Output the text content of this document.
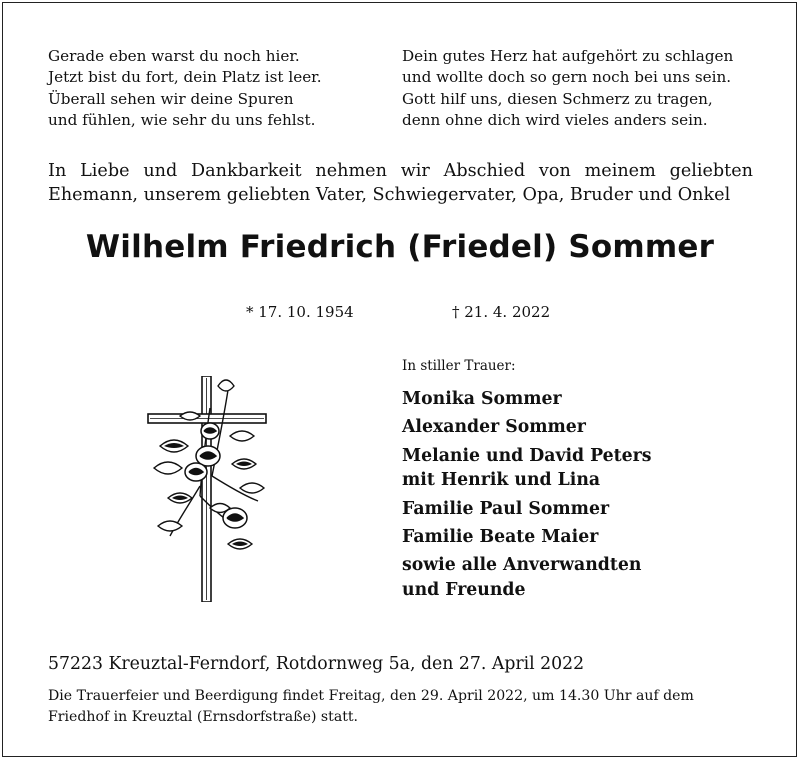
Gerade eben warst du noch hier.
Jetzt bist du fort, dein Platz ist leer.
Überall sehen wir deine Spuren
und fühlen, wie sehr du uns fehlst.
Dein gutes Herz hat aufgehört zu schlagen
und wollte doch so gern noch bei uns sein.
Gott hilf uns, diesen Schmerz zu tragen,
denn ohne dich wird vieles anders sein.
In Liebe und Dankbarkeit nehmen wir Abschied von meinem geliebten
Ehemann, unserem geliebten Vater, Schwiegervater, Opa, Bruder und Onkel
Wilhelm Friedrich (Friedel) Sommer
* 17. 10. 1954	† 21. 4. 2022
In stiller Trauer:
Monika Sommer
Alexander Sommer
Melanie und David Peters
mit Henrik und Lina
Familie Paul Sommer
Familie Beate Maier
sowie alle Anverwandten
und Freunde
57223 Kreuztal-Ferndorf, Rotdornweg 5a, den 27. April 2022
Die Trauerfeier und Beerdigung findet Freitag, den 29. April 2022, um 14.30 Uhr auf dem Friedhof in Kreuztal (Ernsdorfstraße) statt.
